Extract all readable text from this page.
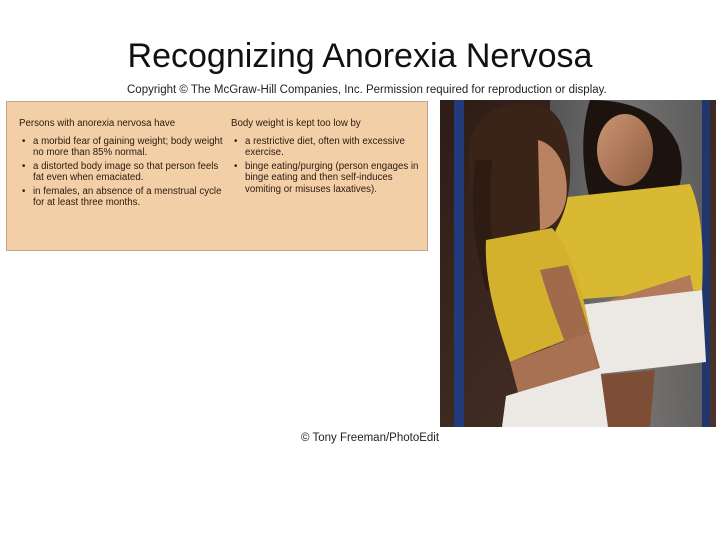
Recognizing Anorexia Nervosa
Copyright © The McGraw-Hill Companies, Inc. Permission required for reproduction or display.

Persons with anorexia nervosa have

• a morbid fear of gaining weight; body weight no more than 85% normal.
• a distorted body image so that person feels fat even when emaciated.
• in females, an absence of a menstrual cycle for at least three months.

Body weight is kept too low by

• a restrictive diet, often with excessive exercise.
• binge eating/purging (person engages in binge eating and then self-induces vomiting or misuses laxatives).
© Tony Freeman/PhotoEdit
